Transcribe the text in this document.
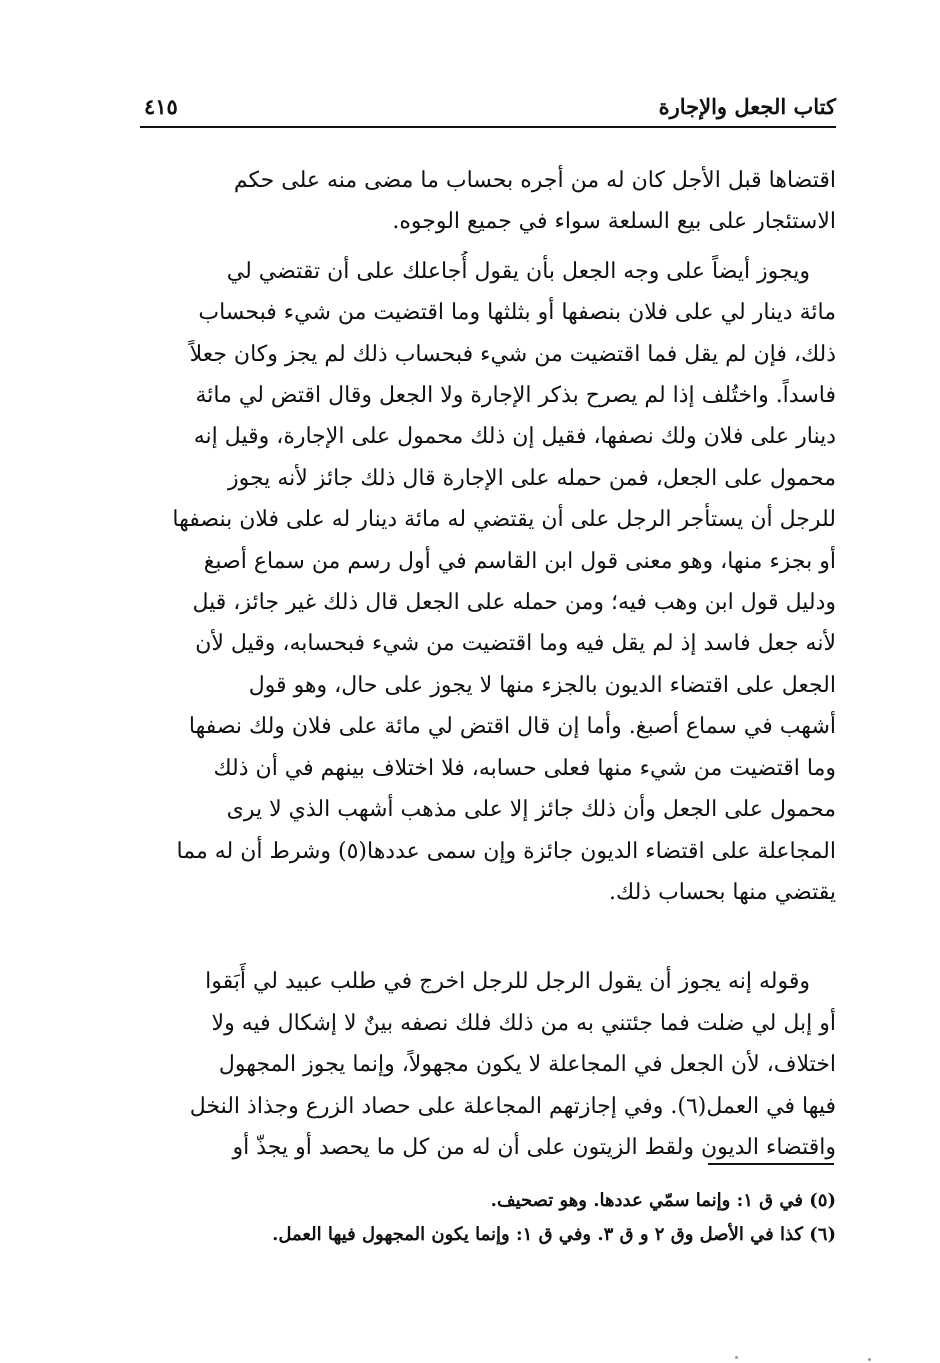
كتاب الجعل والإجارة
٤١٥

اقتضاها قبل الأجل كان له من أجره بحساب ما مضى منه على حكم
الاستئجار على بيع السلعة سواء في جميع الوجوه.

ويجوز أيضاً على وجه الجعل بأن يقول أُجاعلك على أن تقتضي لي
مائة دينار لي على فلان بنصفها أو بثلثها وما اقتضيت من شيء فبحساب
ذلك، فإن لم يقل فما اقتضيت من شيء فبحساب ذلك لم يجز وكان جعلاً
فاسداً. واختُلف إذا لم يصرح بذكر الإجارة ولا الجعل وقال اقتض لي مائة
دينار على فلان ولك نصفها، فقيل إن ذلك محمول على الإجارة، وقيل إنه
محمول على الجعل، فمن حمله على الإجارة قال ذلك جائز لأنه يجوز
للرجل أن يستأجر الرجل على أن يقتضي له مائة دينار له على فلان بنصفها
أو بجزء منها، وهو معنى قول ابن القاسم في أول رسم من سماع أصبغ
ودليل قول ابن وهب فيه؛ ومن حمله على الجعل قال ذلك غير جائز، قيل
لأنه جعل فاسد إذ لم يقل فيه وما اقتضيت من شيء فبحسابه، وقيل لأن
الجعل على اقتضاء الديون بالجزء منها لا يجوز على حال، وهو قول
أشهب في سماع أصبغ. وأما إن قال اقتض لي مائة على فلان ولك نصفها
وما اقتضيت من شيء منها فعلى حسابه، فلا اختلاف بينهم في أن ذلك
محمول على الجعل وأن ذلك جائز إلا على مذهب أشهب الذي لا يرى
المجاعلة على اقتضاء الديون جائزة وإن سمى عددها(٥) وشرط أن له مما
يقتضي منها بحساب ذلك.

وقوله إنه يجوز أن يقول الرجل للرجل اخرج في طلب عبيد لي أَبَقوا
أو إبل لي ضلت فما جئتني به من ذلك فلك نصفه بينٌ لا إشكال فيه ولا
اختلاف، لأن الجعل في المجاعلة لا يكون مجهولاً، وإنما يجوز المجهول
فيها في العمل(٦). وفي إجازتهم المجاعلة على حصاد الزرع وجذاذ النخل
واقتضاء الديون ولقط الزيتون على أن له من كل ما يحصد أو يجذّ أو

(٥) في ق ١: وإنما سمّي عددها. وهو تصحيف.
(٦) كذا في الأصل وق ٢ و ق ٣. وفي ق ١: وإنما يكون المجهول فيها العمل.
